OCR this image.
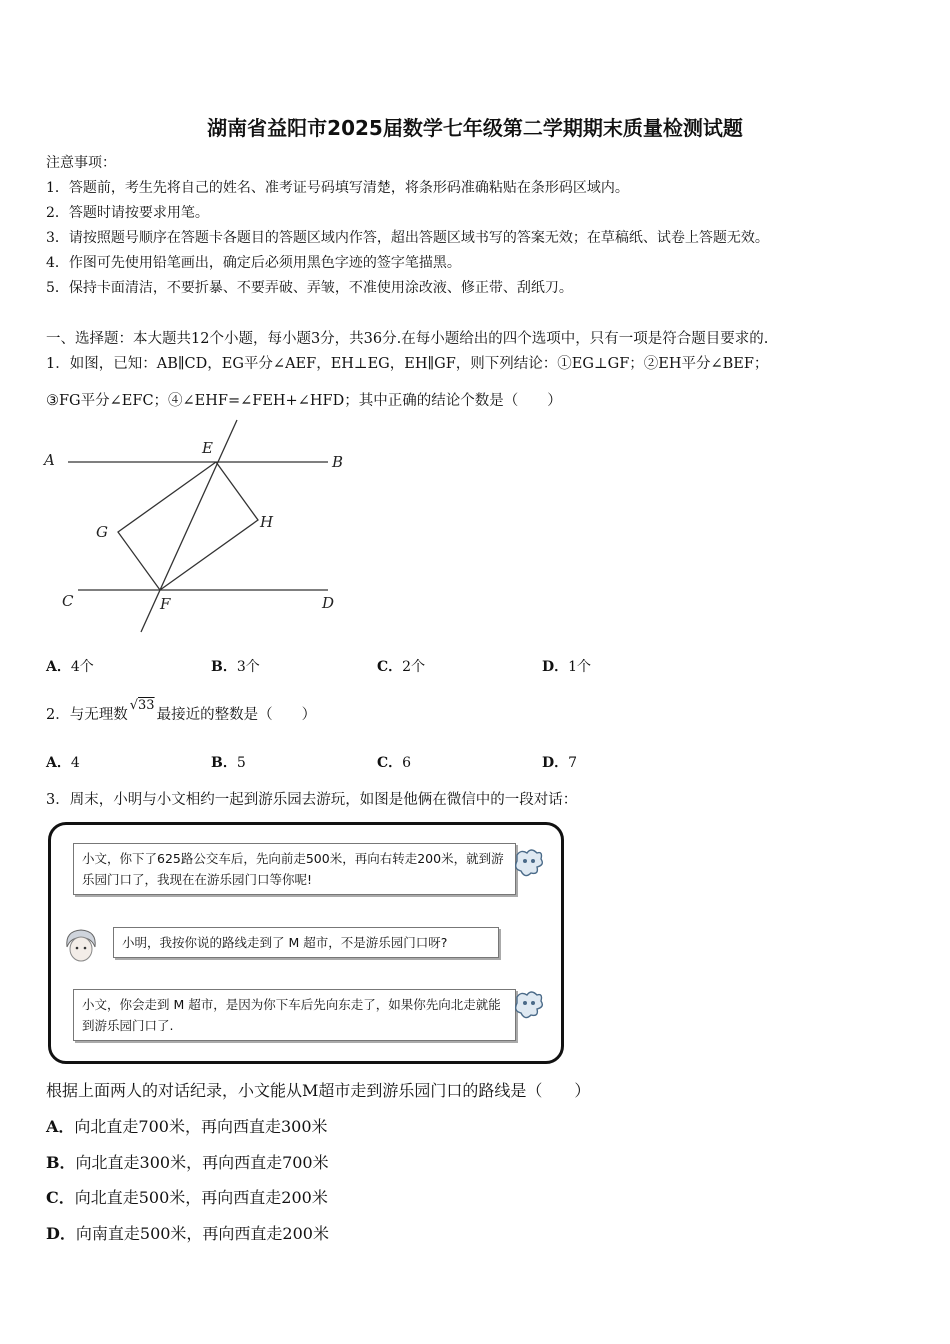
湖南省益阳市2025届数学七年级第二学期期末质量检测试题
注意事项：
1．答题前，考生先将自己的姓名、准考证号码填写清楚，将条形码准确粘贴在条形码区域内。
2．答题时请按要求用笔。
3．请按照题号顺序在答题卡各题目的答题区域内作答，超出答题区域书写的答案无效；在草稿纸、试卷上答题无效。
4．作图可先使用铅笔画出，确定后必须用黑色字迹的签字笔描黑。
5．保持卡面清洁，不要折暴、不要弄破、弄皱，不准使用涂改液、修正带、刮纸刀。
一、选择题：本大题共12个小题，每小题3分，共36分.在每小题给出的四个选项中，只有一项是符合题目要求的.
1．如图，已知：AB∥CD，EG平分∠AEF，EH⊥EG，EH∥GF，则下列结论：①EG⊥GF；②EH平分∠BEF；
③FG平分∠EFC；④∠EHF=∠FEH+∠HFD；其中正确的结论个数是（　　）
A	B
E
G
H
C	F	D
A．4个	B．3个	C．2个	D．1个
2．与无理数√33最接近的整数是（　　）
A．4	B．5	C．6	D．7
3．周末，小明与小文相约一起到游乐园去游玩，如图是他俩在微信中的一段对话：
小文，你下了625路公交车后，先向前走500米，再向右转走200米，就到游乐园门口了，我现在在游乐园门口等你呢!
小明，我按你说的路线走到了 M 超市，不是游乐园门口呀?
小文，你会走到 M 超市，是因为你下车后先向东走了，如果你先向北走就能到游乐园门口了.
根据上面两人的对话纪录，小文能从M超市走到游乐园门口的路线是（　　）
A．向北直走700米，再向西直走300米
B．向北直走300米，再向西直走700米
C．向北直走500米，再向西直走200米
D．向南直走500米，再向西直走200米
